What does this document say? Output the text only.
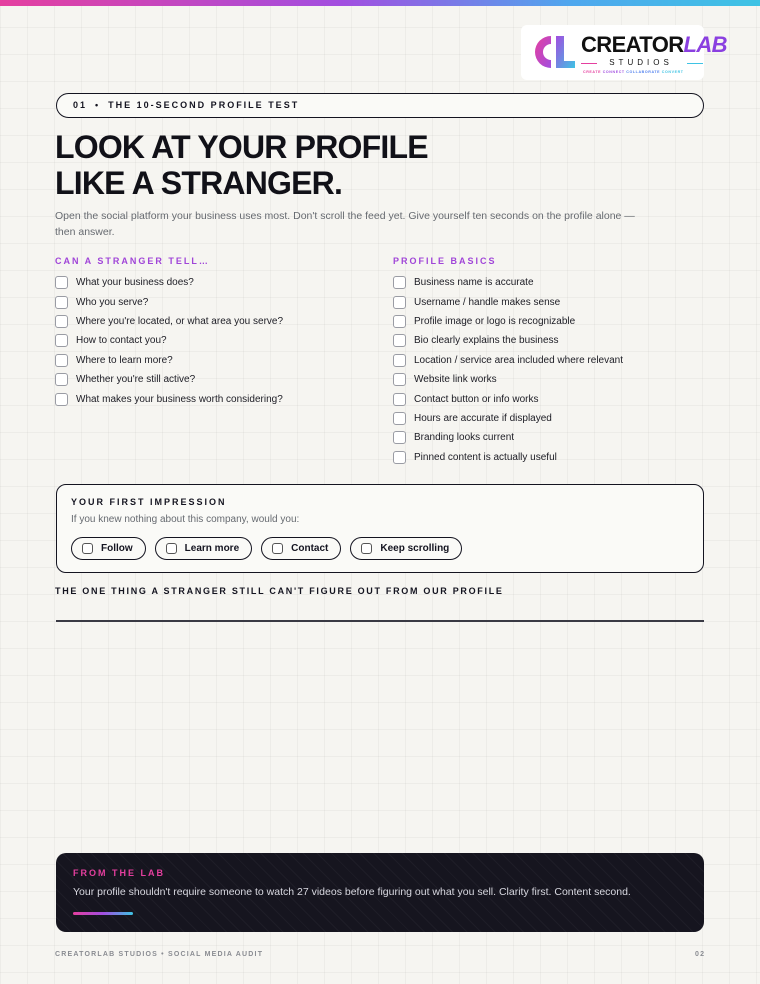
CREATORLAB
STUDIOS
CREATE CONNECT COLLABORATE CONVERT
01 • THE 10-SECOND PROFILE TEST
LOOK AT YOUR PROFILE
LIKE A STRANGER.

Open the social platform your business uses most. Don't scroll the feed yet. Give yourself ten seconds on the profile alone — then answer.

CAN A STRANGER TELL…	PROFILE BASICS
What your business does?
Who you serve?
Where you're located, or what area you serve?
How to contact you?
Where to learn more?
Whether you're still active?
What makes your business worth considering?
Business name is accurate
Username / handle makes sense
Profile image or logo is recognizable
Bio clearly explains the business
Location / service area included where relevant
Website link works
Contact button or info works
Hours are accurate if displayed
Branding looks current
Pinned content is actually useful
YOUR FIRST IMPRESSION
If you knew nothing about this company, would you:
Follow	Learn more	Contact	Keep scrolling
THE ONE THING A STRANGER STILL CAN'T FIGURE OUT FROM OUR PROFILE
FROM THE LAB
Your profile shouldn't require someone to watch 27 videos before figuring out what you sell. Clarity first. Content second.
CREATORLAB STUDIOS • SOCIAL MEDIA AUDIT	02
